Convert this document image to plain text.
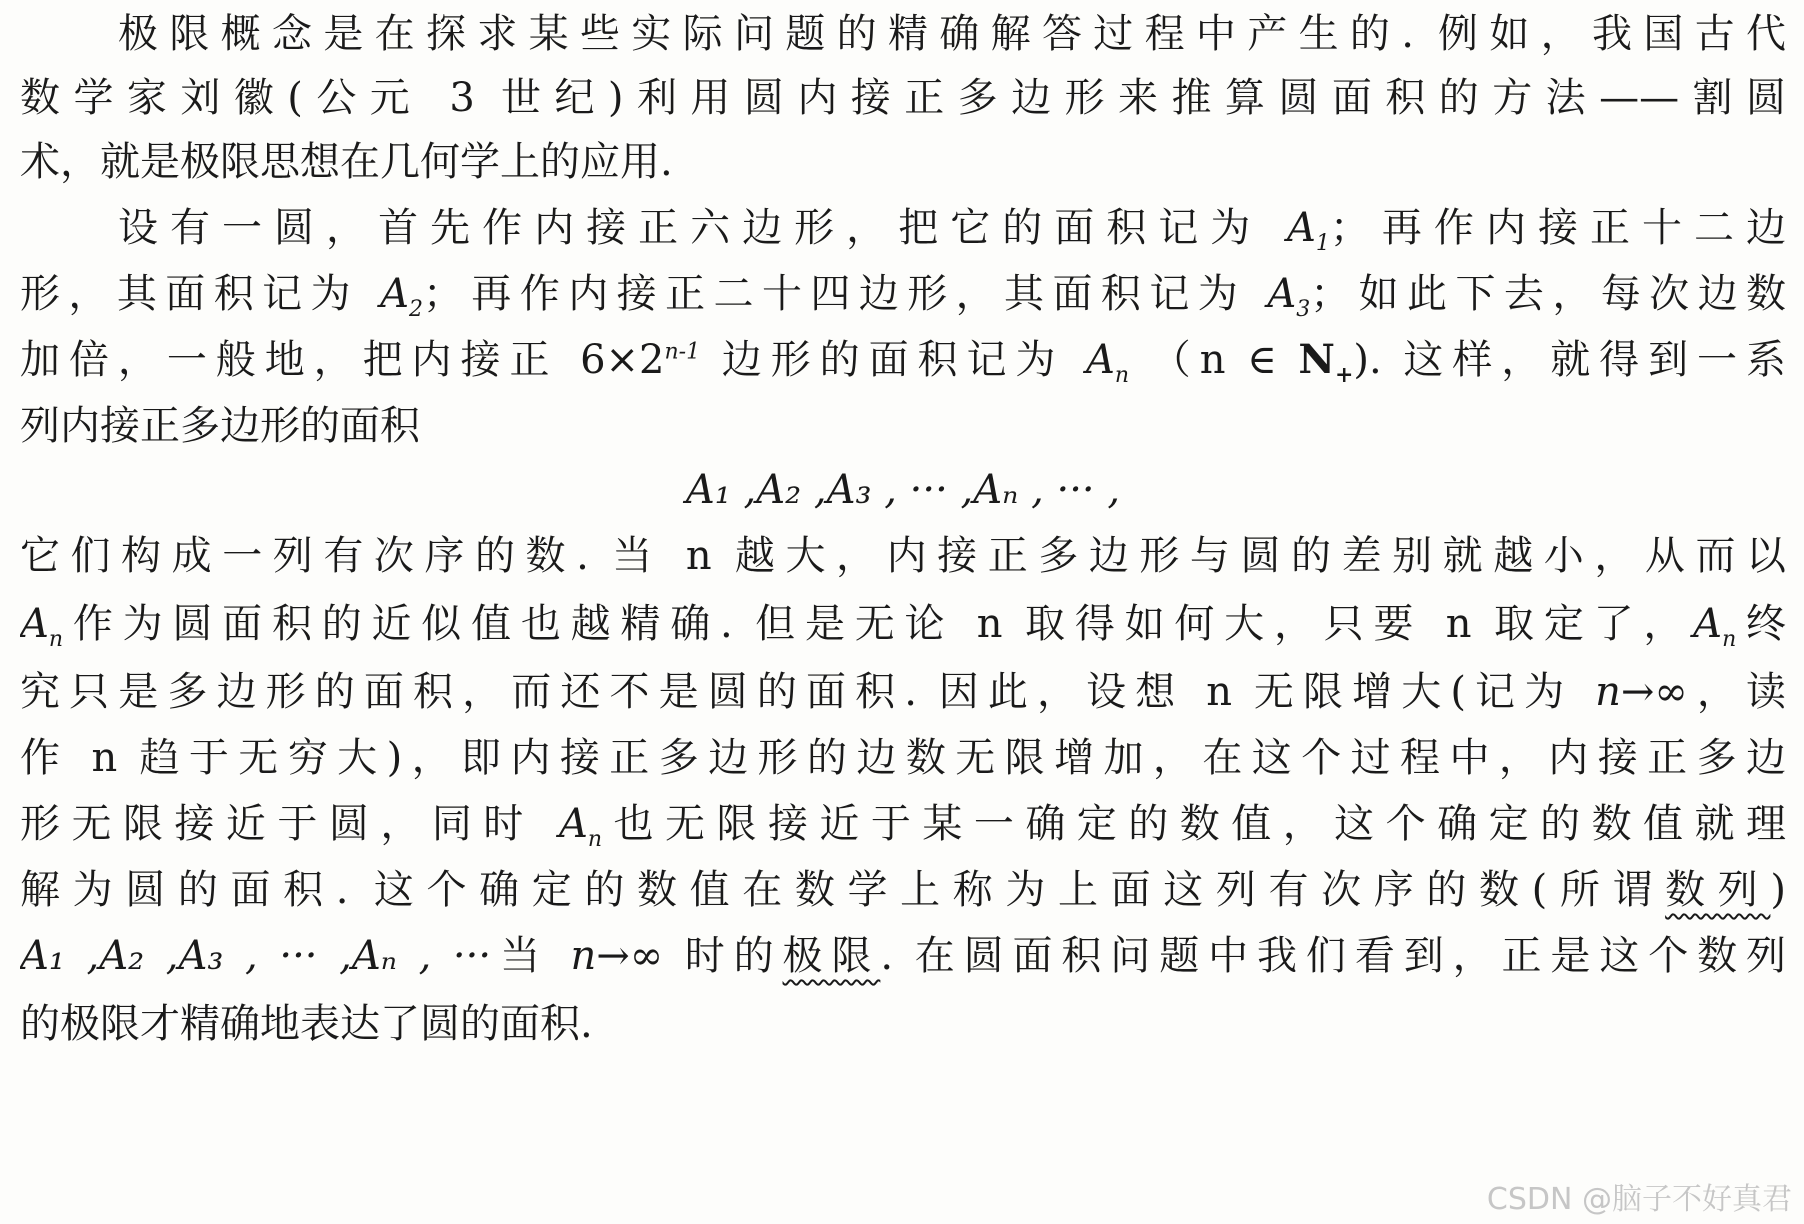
极限概念是在探求某些实际问题的精确解答过程中产生的. 例如，我国古代
数学家刘徽(公元 3 世纪)利用圆内接正多边形来推算圆面积的方法——割圆
术，就是极限思想在几何学上的应用.
设有一圆，首先作内接正六边形，把它的面积记为 $A_1$；再作内接正十二边
形，其面积记为 $A_2$；再作内接正二十四边形，其面积记为 $A_3$；如此下去，每次边数
加倍，一般地，把内接正 $6\times 2^{n-1}$ 边形的面积记为 $A_n$ （n ∈ $N_+$). 这样，就得到一系
列内接正多边形的面积
A₁ ,A₂ ,A₃ , ··· ,Aₙ , ··· ,
它们构成一列有次序的数. 当 n 越大，内接正多边形与圆的差别就越小，从而以
$A_n$作为圆面积的近似值也越精确. 但是无论 n 取得如何大，只要 n 取定了，$A_n$终
究只是多边形的面积，而还不是圆的面积. 因此，设想 n 无限增大(记为 n→∞，读
作 n 趋于无穷大)，即内接正多边形的边数无限增加，在这个过程中，内接正多边
形无限接近于圆，同时 $A_n$也无限接近于某一确定的数值，这个确定的数值就理
解为圆的面积. 这个确定的数值在数学上称为上面这列有次序的数(所谓数列)
A₁ ,A₂ ,A₃ , ··· ,Aₙ , ···当 n→∞ 时的极限. 在圆面积问题中我们看到，正是这个数列
的极限才精确地表达了圆的面积.
CSDN @脑子不好真君
